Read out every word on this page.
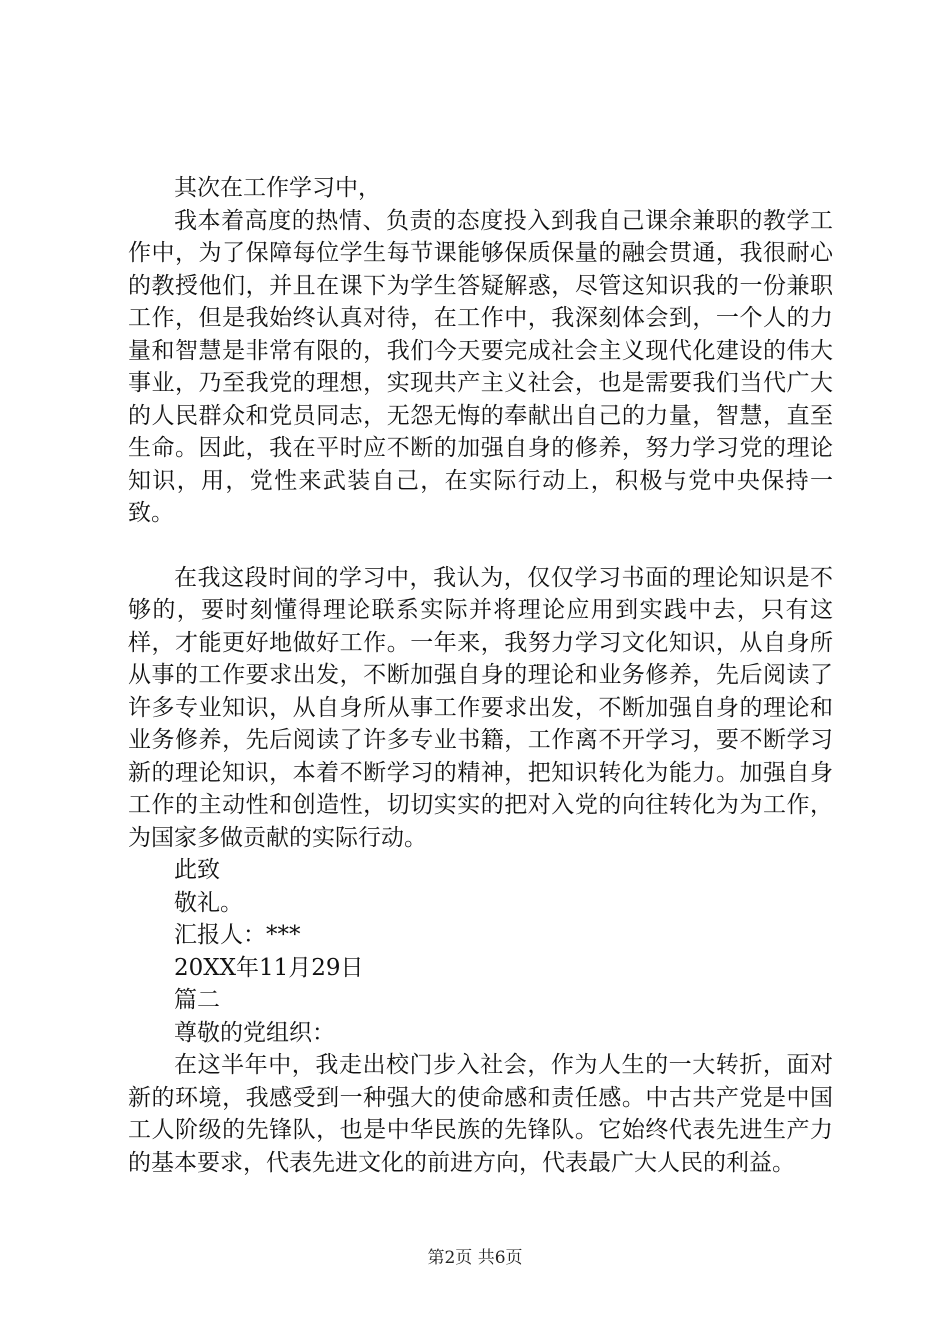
其次在工作学习中，

我本着高度的热情、负责的态度投入到我自己课余兼职的教学工作中，为了保障每位学生每节课能够保质保量的融会贯通，我很耐心的教授他们，并且在课下为学生答疑解惑，尽管这知识我的一份兼职工作，但是我始终认真对待，在工作中，我深刻体会到，一个人的力量和智慧是非常有限的，我们今天要完成社会主义现代化建设的伟大事业，乃至我党的理想，实现共产主义社会，也是需要我们当代广大的人民群众和党员同志，无怨无悔的奉献出自己的力量，智慧，直至生命。因此，我在平时应不断的加强自身的修养，努力学习党的理论知识，用，党性来武装自己，在实际行动上，积极与党中央保持一致。

在我这段时间的学习中，我认为，仅仅学习书面的理论知识是不够的，要时刻懂得理论联系实际并将理论应用到实践中去，只有这样，才能更好地做好工作。一年来，我努力学习文化知识，从自身所从事的工作要求出发，不断加强自身的理论和业务修养，先后阅读了许多专业知识，从自身所从事工作要求出发，不断加强自身的理论和业务修养，先后阅读了许多专业书籍，工作离不开学习，要不断学习新的理论知识，本着不断学习的精神，把知识转化为能力。加强自身工作的主动性和创造性，切切实实的把对入党的向往转化为为工作，为国家多做贡献的实际行动。

此致

敬礼。

汇报人：***

20XX年11月29日

篇二

尊敬的党组织：

在这半年中，我走出校门步入社会，作为人生的一大转折，面对新的环境，我感受到一种强大的使命感和责任感。中古共产党是中国工人阶级的先锋队，也是中华民族的先锋队。它始终代表先进生产力的基本要求，代表先进文化的前进方向，代表最广大人民的利益。

第2页 共6页
